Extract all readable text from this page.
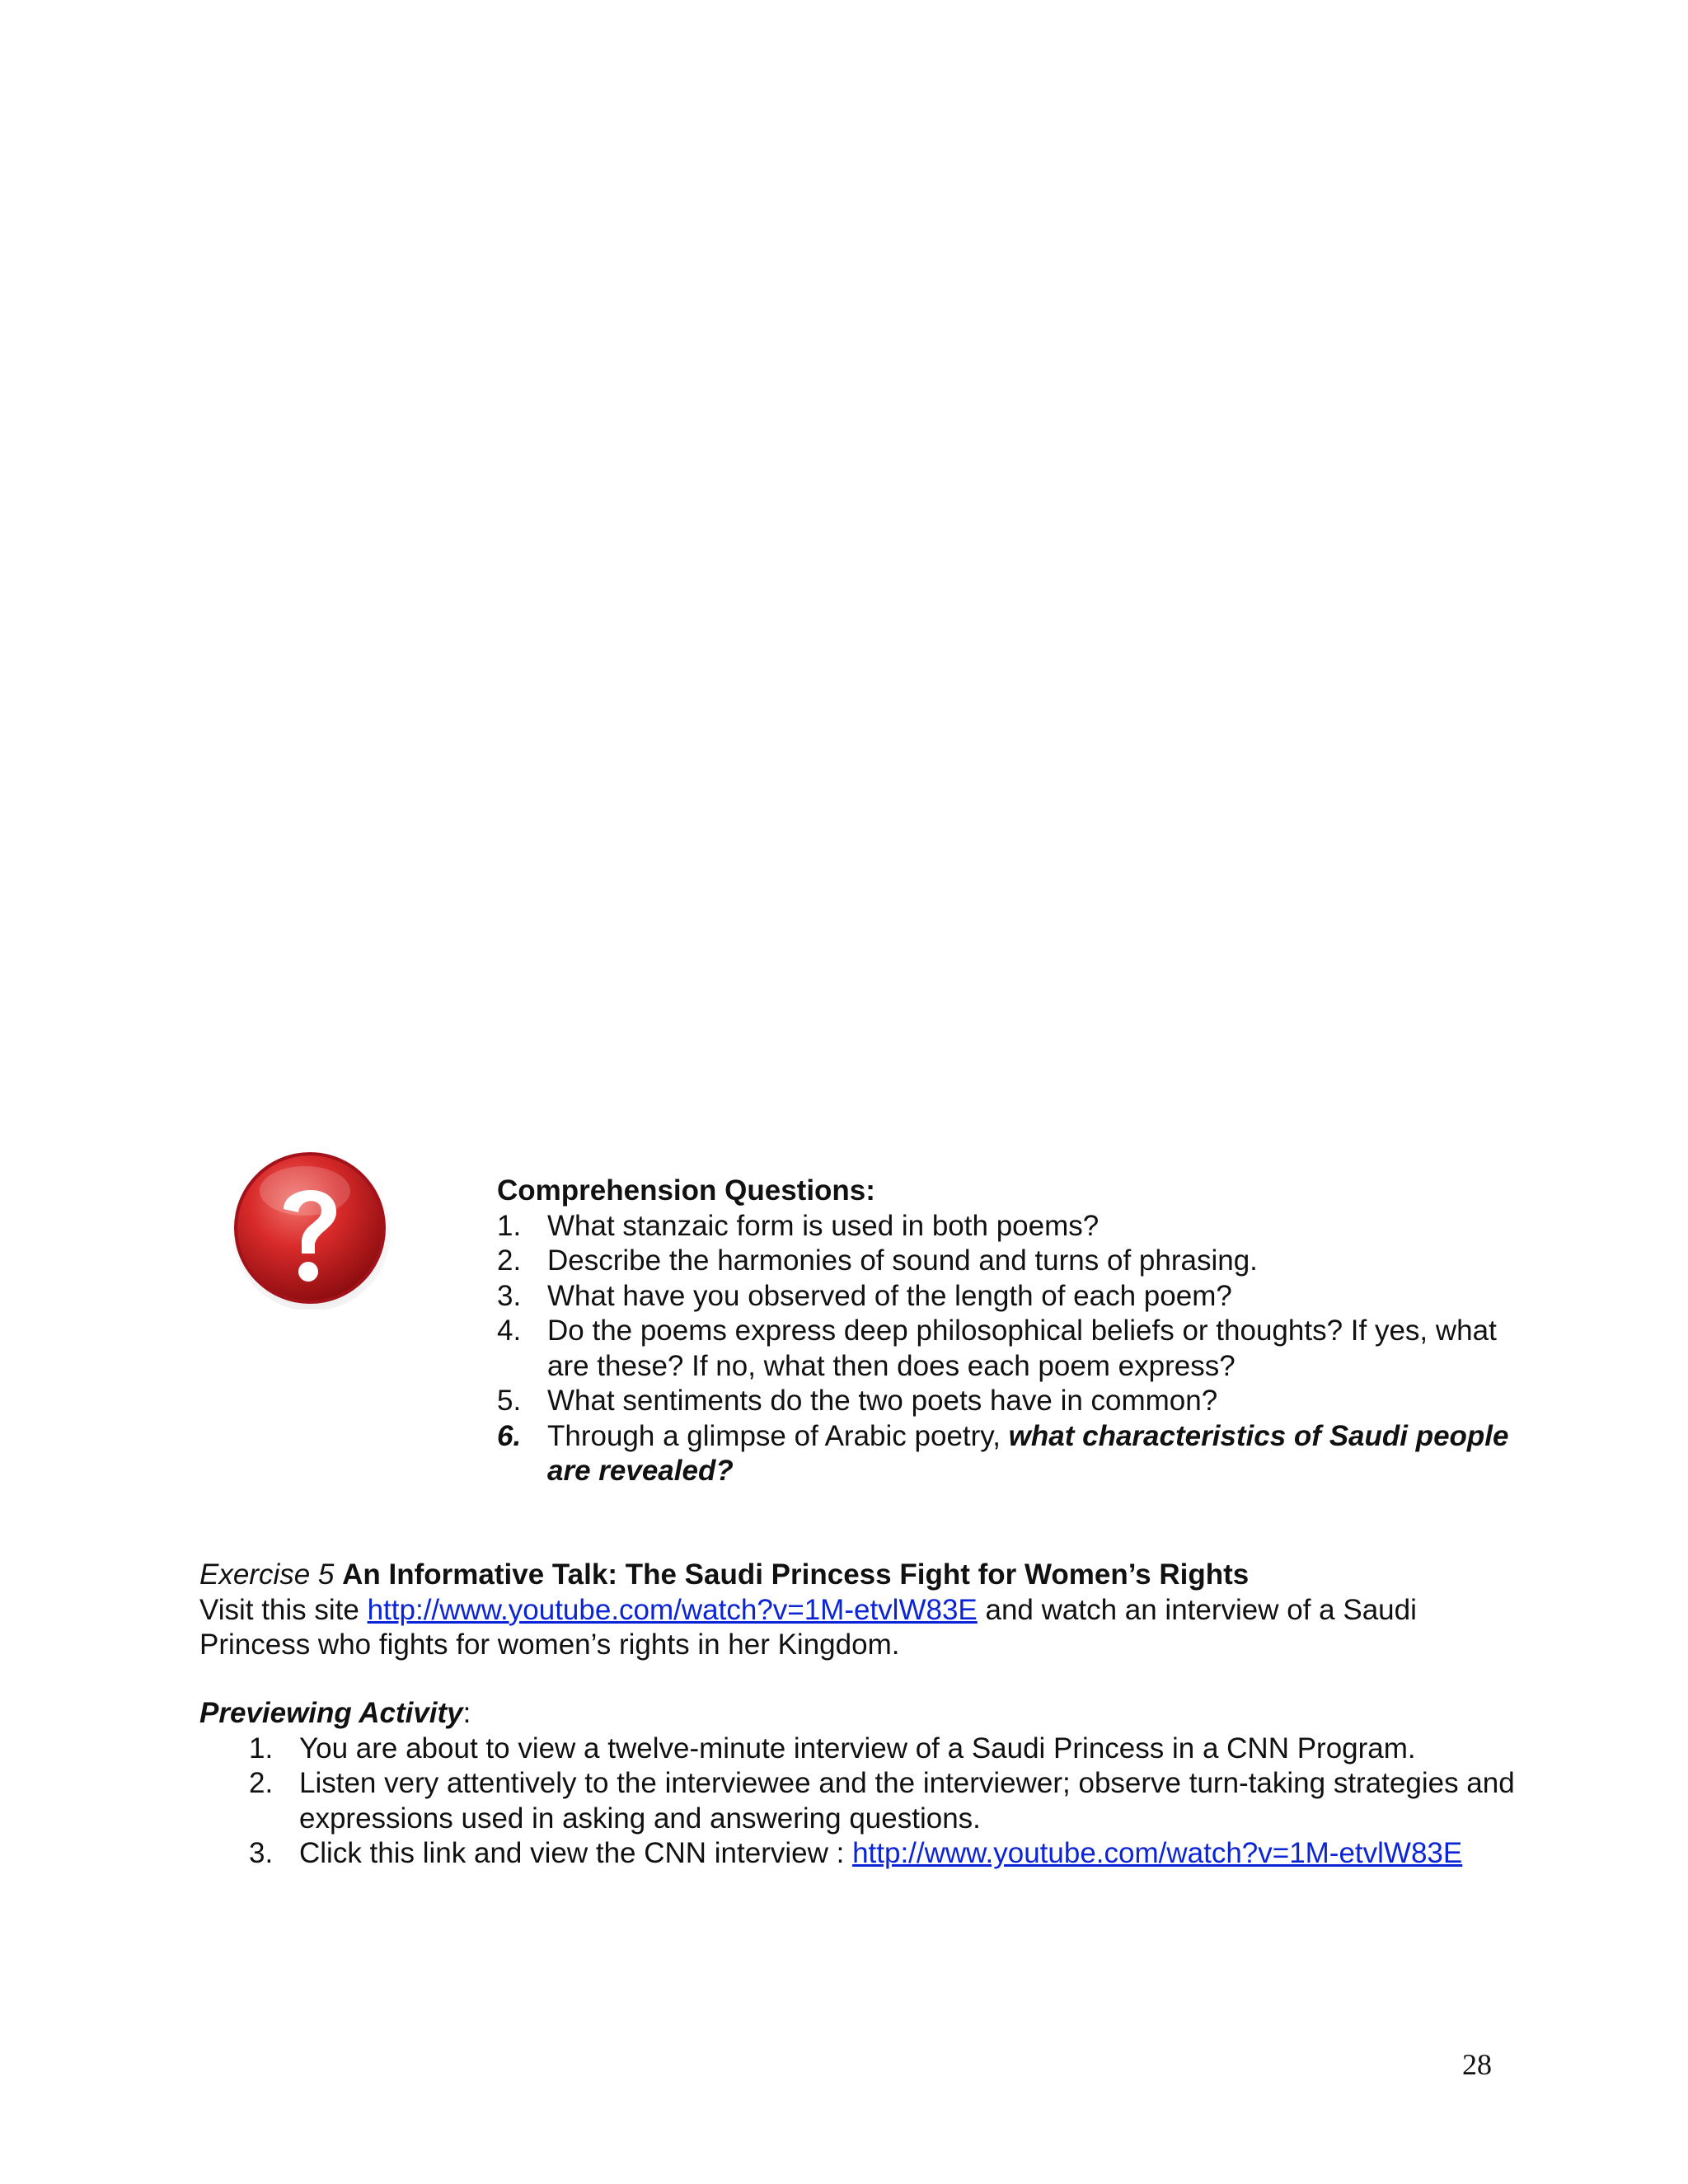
Comprehension Questions:
1. What stanzaic form is used in both poems?
2. Describe the harmonies of sound and turns of phrasing.
3. What have you observed of the length of each poem?
4. Do the poems express deep philosophical beliefs or thoughts? If yes, what are these? If no, what then does each poem express?
5. What sentiments do the two poets have in common?
6. Through a glimpse of Arabic poetry, what characteristics of Saudi people are revealed?
Exercise 5 An Informative Talk: The Saudi Princess Fight for Women’s Rights
Visit this site http://www.youtube.com/watch?v=1M-etvlW83E and watch an interview of a Saudi Princess who fights for women’s rights in her Kingdom.
Previewing Activity:
1. You are about to view a twelve-minute interview of a Saudi Princess in a CNN Program.
2. Listen very attentively to the interviewee and the interviewer; observe turn-taking strategies and expressions used in asking and answering questions.
3. Click this link and view the CNN interview : http://www.youtube.com/watch?v=1M-etvlW83E
28
